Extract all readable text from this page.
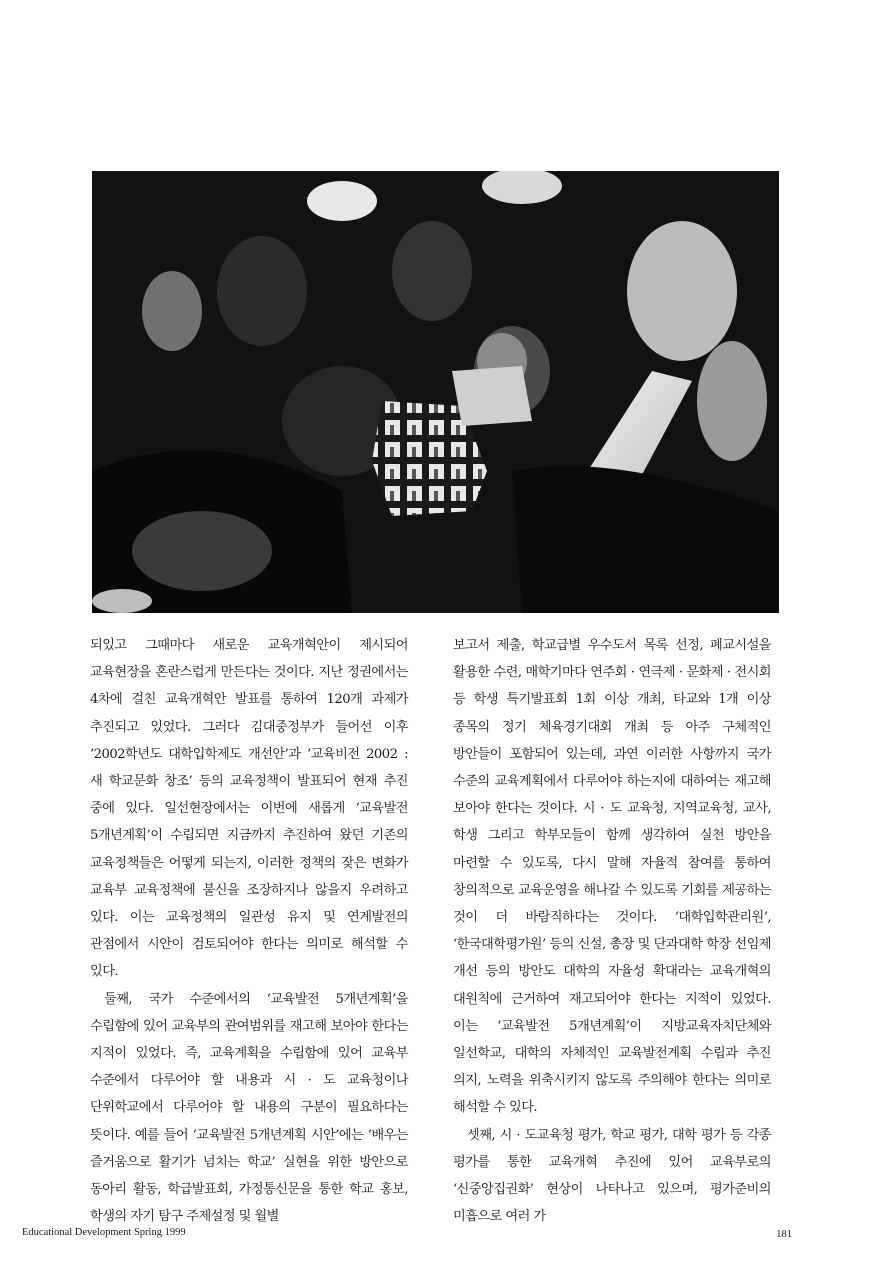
되있고 그때마다 새로운 교육개혁안이 제시되어 교육현장을 혼란스럽게 만든다는 것이다. 지난 정권에서는 4차에 걸친 교육개혁안 발표를 통하여 120개 과제가 추진되고 있었다. 그러다 김대중정부가 들어선 이후 ‘2002학년도 대학입학제도 개선안’과 ‘교육비전 2002 : 새 학교문화 창조’ 등의 교육정책이 발표되어 현재 추진 중에 있다. 일선현장에서는 이번에 새롭게 ‘교육발전 5개년계획’이 수립되면 지금까지 추진하여 왔던 기존의 교육정책들은 어떻게 되는지, 이러한 정책의 잦은 변화가 교육부 교육정책에 불신을 조장하지나 않을지 우려하고 있다. 이는 교육정책의 일관성 유지 및 연계발전의 관점에서 시안이 검토되어야 한다는 의미로 해석할 수 있다.

둘째, 국가 수준에서의 ‘교육발전 5개년계획’을 수립함에 있어 교육부의 관여범위를 재고해 보아야 한다는 지적이 있었다. 즉, 교육계획을 수립함에 있어 교육부 수준에서 다루어야 할 내용과 시 · 도 교육청이나 단위학교에서 다루어야 할 내용의 구분이 필요하다는 뜻이다. 예를 들어 ‘교육발전 5개년계획 시안’에는 ‘배우는 즐거움으로 활기가 넘치는 학교’ 실현을 위한 방안으로 동아리 활동, 학급발표회, 가정통신문을 통한 학교 홍보, 학생의 자기 탐구 주제설정 및 월별

보고서 제출, 학교급별 우수도서 목록 선정, 폐교시설을 활용한 수련, 매학기마다 연주회 · 연극제 · 문화제 · 전시회 등 학생 특기발표회 1회 이상 개최, 타교와 1개 이상 종목의 정기 체육경기대회 개최 등 아주 구체적인 방안들이 포함되어 있는데, 과연 이러한 사항까지 국가 수준의 교육계획에서 다루어야 하는지에 대하여는 재고해 보아야 한다는 것이다. 시 · 도 교육청, 지역교육청, 교사, 학생 그리고 학부모들이 함께 생각하여 실천 방안을 마련할 수 있도록, 다시 말해 자율적 참여를 통하여 창의적으로 교육운영을 해나갈 수 있도록 기회를 제공하는 것이 더 바람직하다는 것이다. ‘대학입학관리원’, ‘한국대학평가원’ 등의 신설, 총장 및 단과대학 학장 선임제 개선 등의 방안도 대학의 자율성 확대라는 교육개혁의 대원칙에 근거하여 재고되어야 한다는 지적이 있었다. 이는 ‘교육발전 5개년계획’이 지방교육자치단체와 일선학교, 대학의 자체적인 교육발전계획 수립과 추진 의지, 노력을 위축시키지 않도록 주의해야 한다는 의미로 해석할 수 있다.

셋째, 시 · 도교육청 평가, 학교 평가, 대학 평가 등 각종 평가를 통한 교육개혁 추진에 있어 교육부로의 ‘신중앙집권화’ 현상이 나타나고 있으며, 평가준비의 미흡으로 여러 가

Educational Development Spring 1999	181
